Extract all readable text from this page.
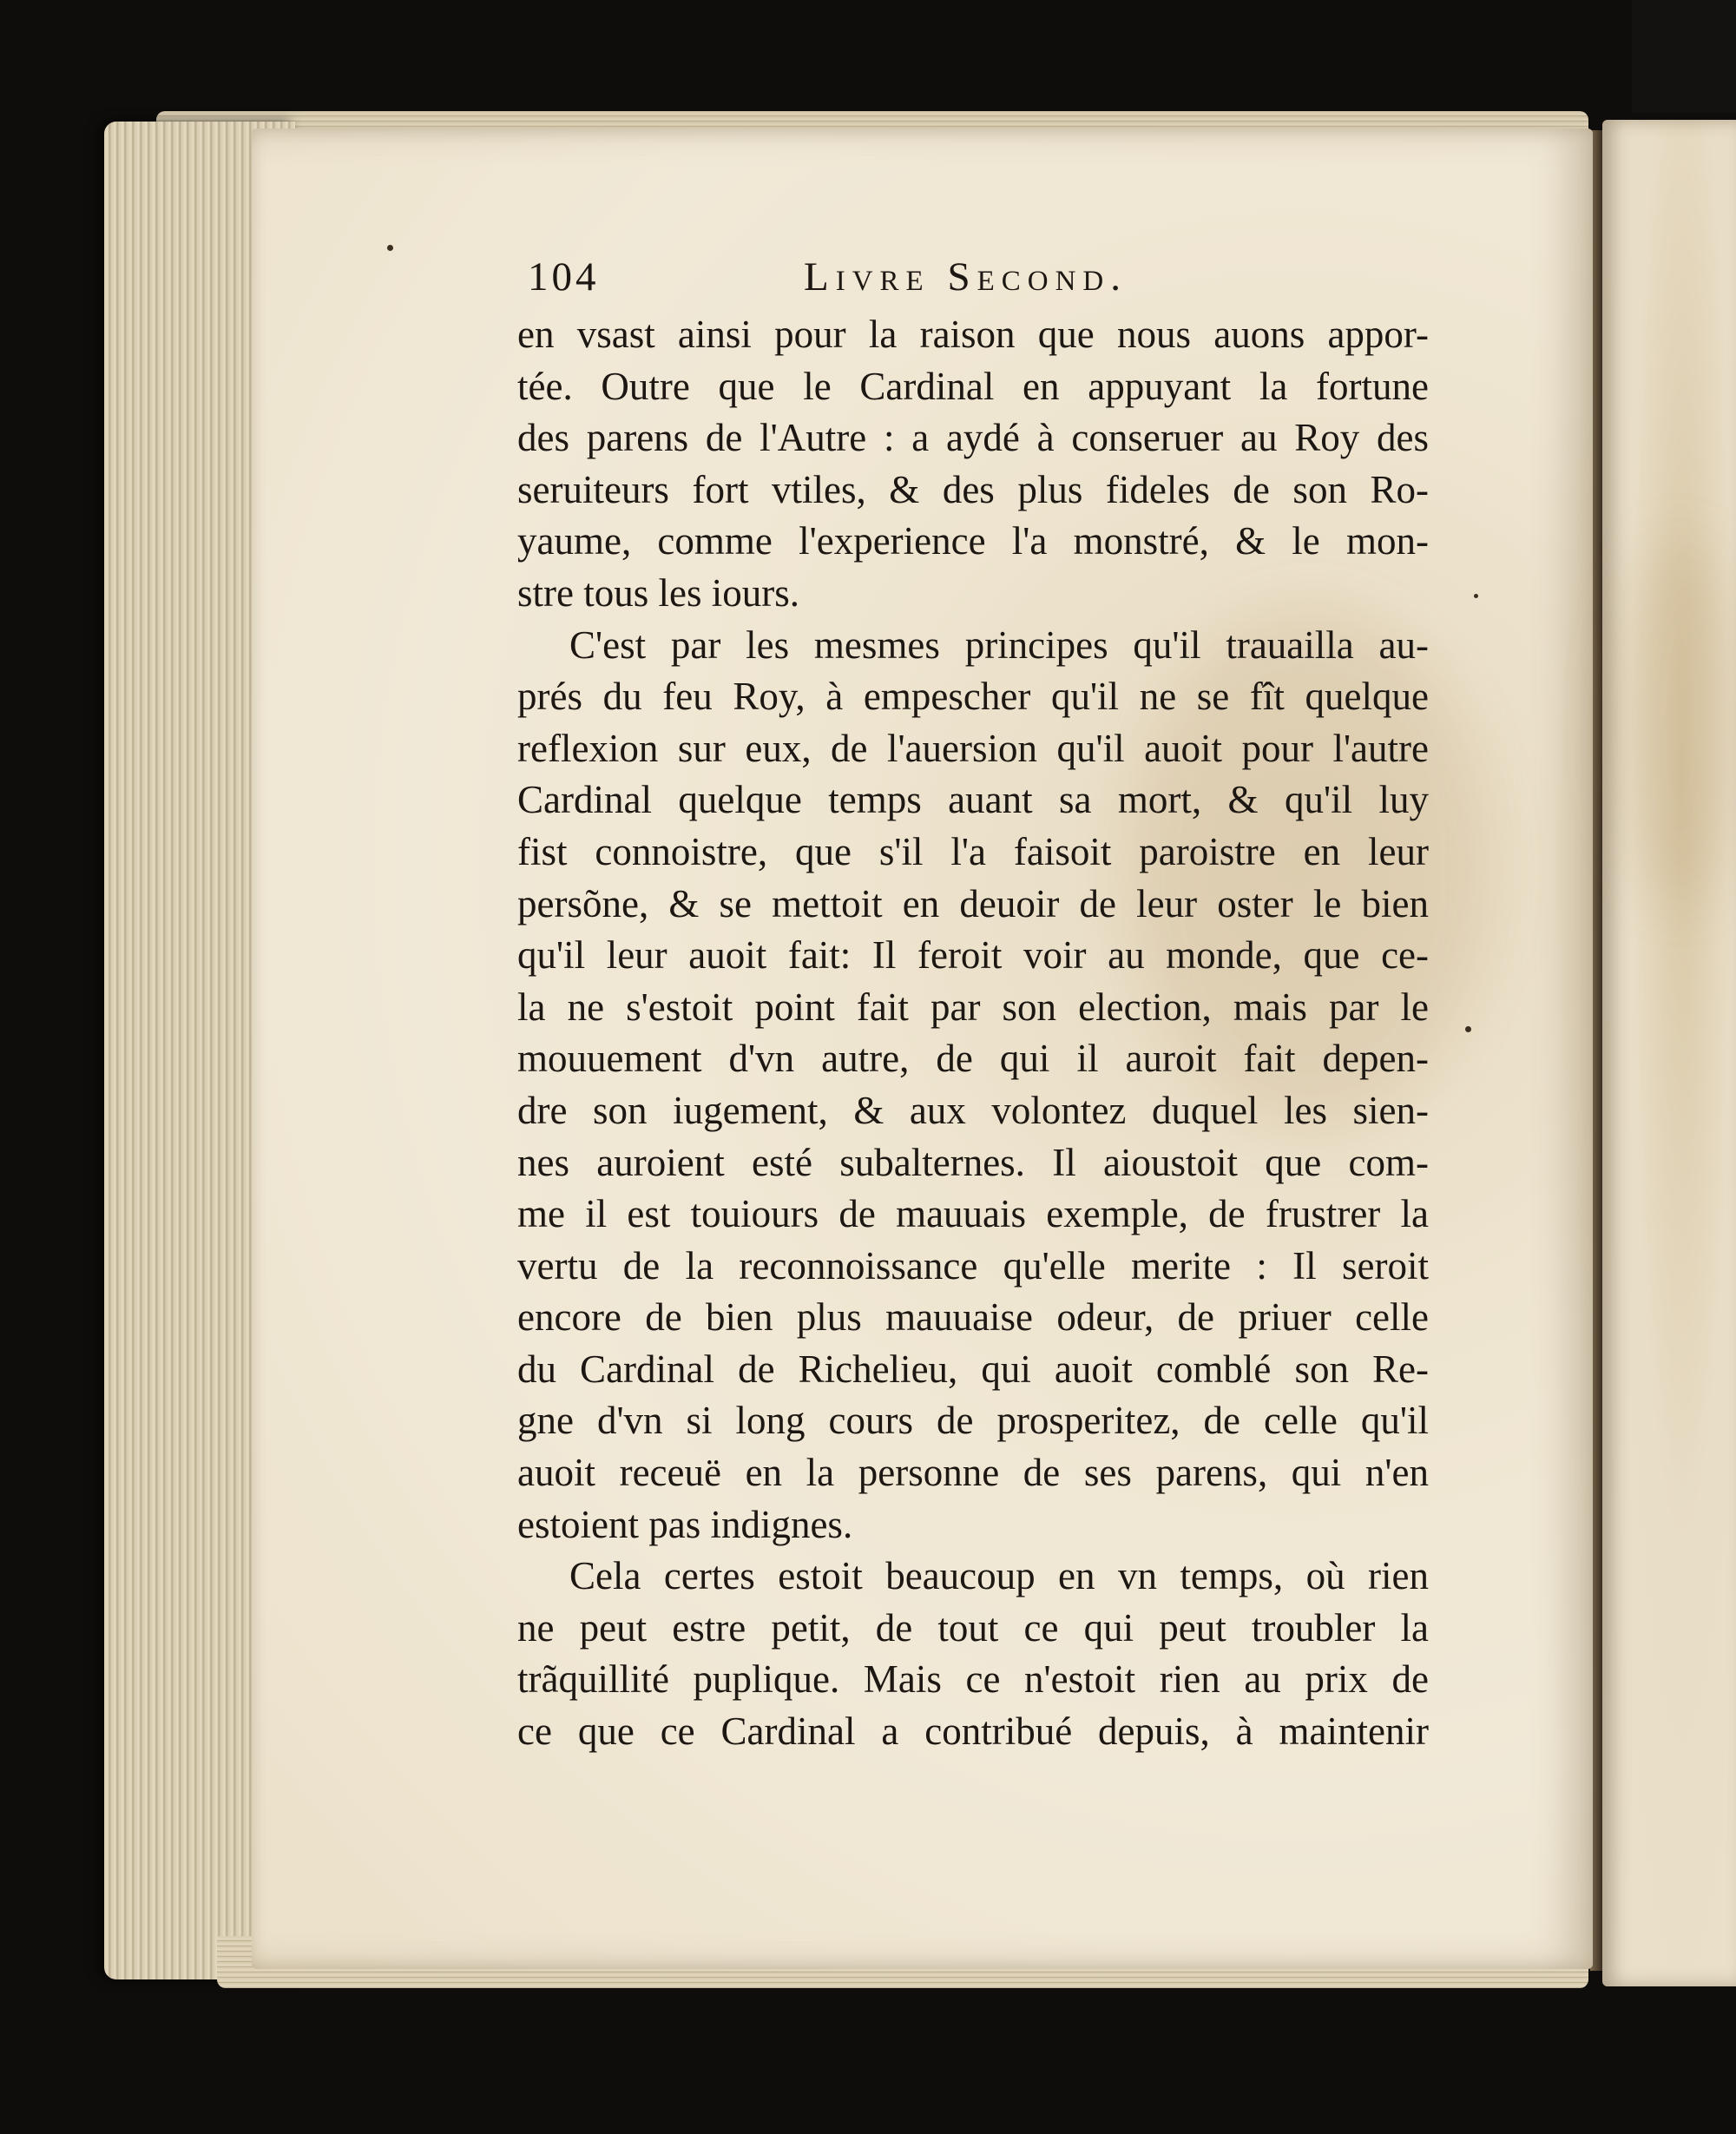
104	Livre Second.
en vsast ainsi pour la raison que nous auons appor-
tée. Outre que le Cardinal en appuyant la fortune
des parens de l'Autre : a aydé à conseruer au Roy des
seruiteurs fort vtiles, & des plus fideles de son Ro-
yaume, comme l'experience l'a monstré, & le mon-
stre tous les iours.
C'est par les mesmes principes qu'il trauailla au-
prés du feu Roy, à empescher qu'il ne se fît quelque
reflexion sur eux, de l'auersion qu'il auoit pour l'autre
Cardinal quelque temps auant sa mort, & qu'il luy
fist connoistre, que s'il l'a faisoit paroistre en leur
persõne, & se mettoit en deuoir de leur oster le bien
qu'il leur auoit fait: Il feroit voir au monde, que ce-
la ne s'estoit point fait par son election, mais par le
mouuement d'vn autre, de qui il auroit fait depen-
dre son iugement, & aux volontez duquel les sien-
nes auroient esté subalternes. Il aioustoit que com-
me il est touiours de mauuais exemple, de frustrer la
vertu de la reconnoissance qu'elle merite : Il seroit
encore de bien plus mauuaise odeur, de priuer celle
du Cardinal de Richelieu, qui auoit comblé son Re-
gne d'vn si long cours de prosperitez, de celle qu'il
auoit receuë en la personne de ses parens, qui n'en
estoient pas indignes.
Cela certes estoit beaucoup en vn temps, où rien
ne peut estre petit, de tout ce qui peut troubler la
trãquillité puplique. Mais ce n'estoit rien au prix de
ce que ce Cardinal a contribué depuis, à maintenir
